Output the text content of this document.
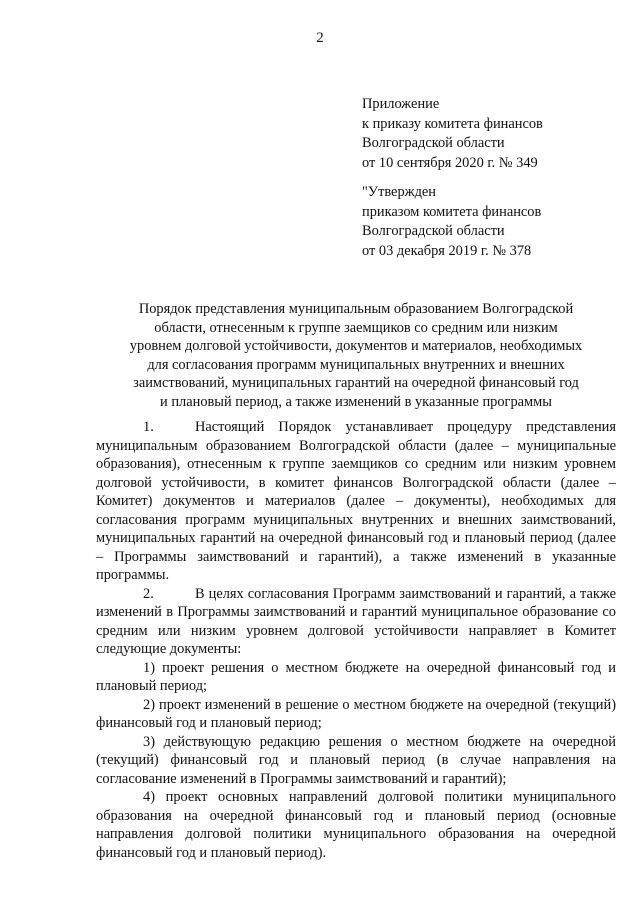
2
Приложение
к приказу комитета финансов
Волгоградской области
от 10 сентября 2020 г. № 349
"Утвержден
приказом комитета финансов
Волгоградской области
от 03 декабря 2019 г. № 378
Порядок представления муниципальным образованием Волгоградской
области, отнесенным к группе заемщиков со средним или низким
уровнем долговой устойчивости, документов и материалов, необходимых
для согласования программ муниципальных внутренних и внешних
заимствований, муниципальных гарантий на очередной финансовый год
и плановый период, а также изменений в указанные программы

1.	Настоящий Порядок устанавливает процедуру представления муниципальным образованием Волгоградской области (далее – муниципальные образования), отнесенным к группе заемщиков со средним или низким уровнем долговой устойчивости, в комитет финансов Волгоградской области (далее – Комитет) документов и материалов (далее – документы), необходимых для согласования программ муниципальных внутренних и внешних заимствований, муниципальных гарантий на очередной финансовый год и плановый период (далее – Программы заимствований и гарантий), а также изменений в указанные программы.

2.	В целях согласования Программ заимствований и гарантий, а также изменений в Программы заимствований и гарантий муниципальное образование со средним или низким уровнем долговой устойчивости направляет в Комитет следующие документы:

1) проект решения о местном бюджете на очередной финансовый год и плановый период;

2) проект изменений в решение о местном бюджете на очередной (текущий) финансовый год и плановый период;

3) действующую редакцию решения о местном бюджете на очередной (текущий) финансовый год и плановый период (в случае направления на согласование изменений в Программы заимствований и гарантий);

4) проект основных направлений долговой политики муниципального образования на очередной финансовый год и плановый период (основные направления долговой политики муниципального образования на очередной финансовый год и плановый период).
